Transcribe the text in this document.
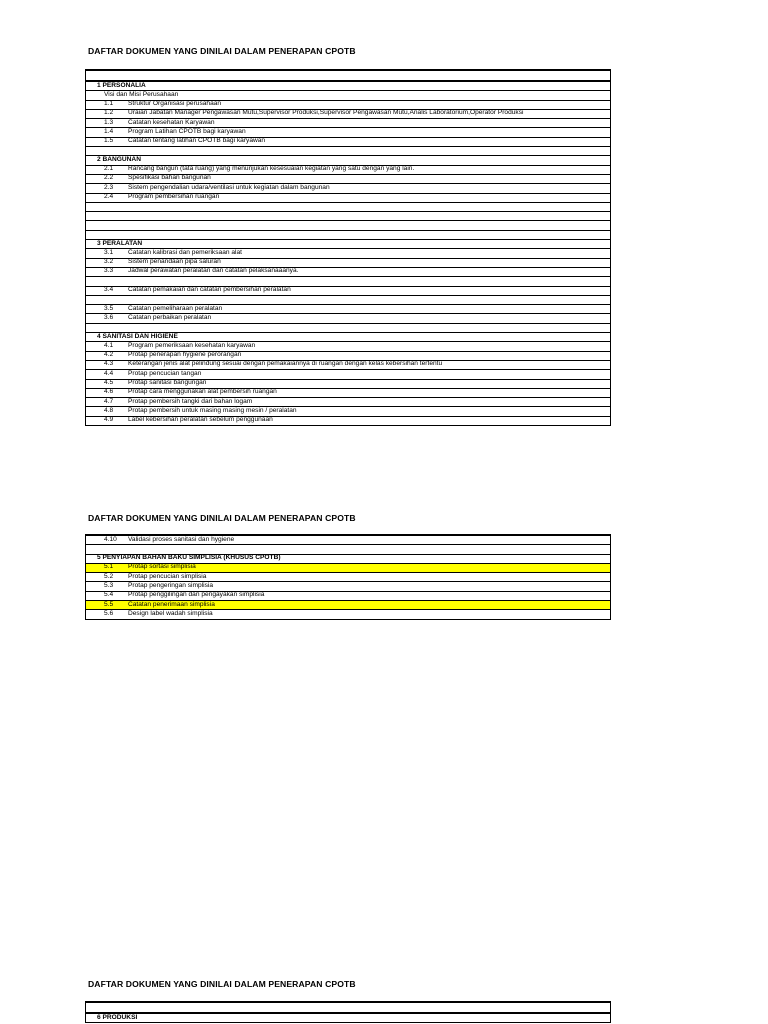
DAFTAR DOKUMEN YANG DINILAI DALAM PENERAPAN CPOTB
1 PERSONALIA
Visi dan Misi Perusahaan
1.1 Struktur Organisasi perusahaan
1.2 Uraian Jabatan Manager Pengawasan Mutu,Supervisor Produksi,Supervisor Pengawasan Mutu,Analis Laboratorium,Operator Produksi
1.3 Catatan kesehatan Karyawan
1.4 Program Latihan CPOTB bagi karyawan
1.5 Catatan tentang latihan CPOTB bagi karyawan
2 BANGUNAN
2.1 Rancang bangun (tata ruang) yang menunjukan kesesuaian kegiatan yang satu dengan yang lain.
2.2 Spesifikasi bahan bangunan
2.3 Sistem pengendalian udara/ventilasi untuk kegiatan dalam bangunan
2.4 Program pembersihan ruangan
3 PERALATAN
3.1 Catatan kalibrasi dan pemeriksaan alat
3.2 Sistem penandaan pipa saluran
3.3 Jadwal perawatan peralatan dan catatan pelaksanaaanya.
3.4 Catatan pemakaian dan catatan pembersihan peralatan
3.5 Catatan pemeliharaan peralatan
3.6 Catatan perbaikan peralatan
4 SANITASI DAN HIGIENE
4.1 Program pemeriksaan kesehatan karyawan
4.2 Protap penerapan hygiene perorangan
4.3 Keterangan jenis alat pelindung sesuai dengan pemakaiannya di ruangan dengan kelas kebersihan tertentu
4.4 Protap pencucian tangan
4.5 Protap sanitasi bangungan
4.6 Protap cara menggunakan alat pembersih ruangan
4.7 Protap pembersih tangki dari bahan logam
4.8 Protap pembersih untuk masing masing mesin / peralatan
4.9 Label kebersihan peralatan sebelum penggunaan
DAFTAR DOKUMEN YANG DINILAI DALAM PENERAPAN CPOTB
4.10 Validasi proses sanitasi dan hygiene
5 PENYIAPAN BAHAN BAKU SIMPLISIA (KHUSUS CPOTB)
5.1 Protap sortasi simplisia
5.2 Protap pencucian simplisia
5.3 Protap pengeringan simplisia
5.4 Protap penggilingan dan pengayakan simplisia
5.5 Catatan penerimaan simplisia
5.6 Design label wadah simplisia
DAFTAR DOKUMEN YANG DINILAI DALAM PENERAPAN CPOTB
6 PRODUKSI
